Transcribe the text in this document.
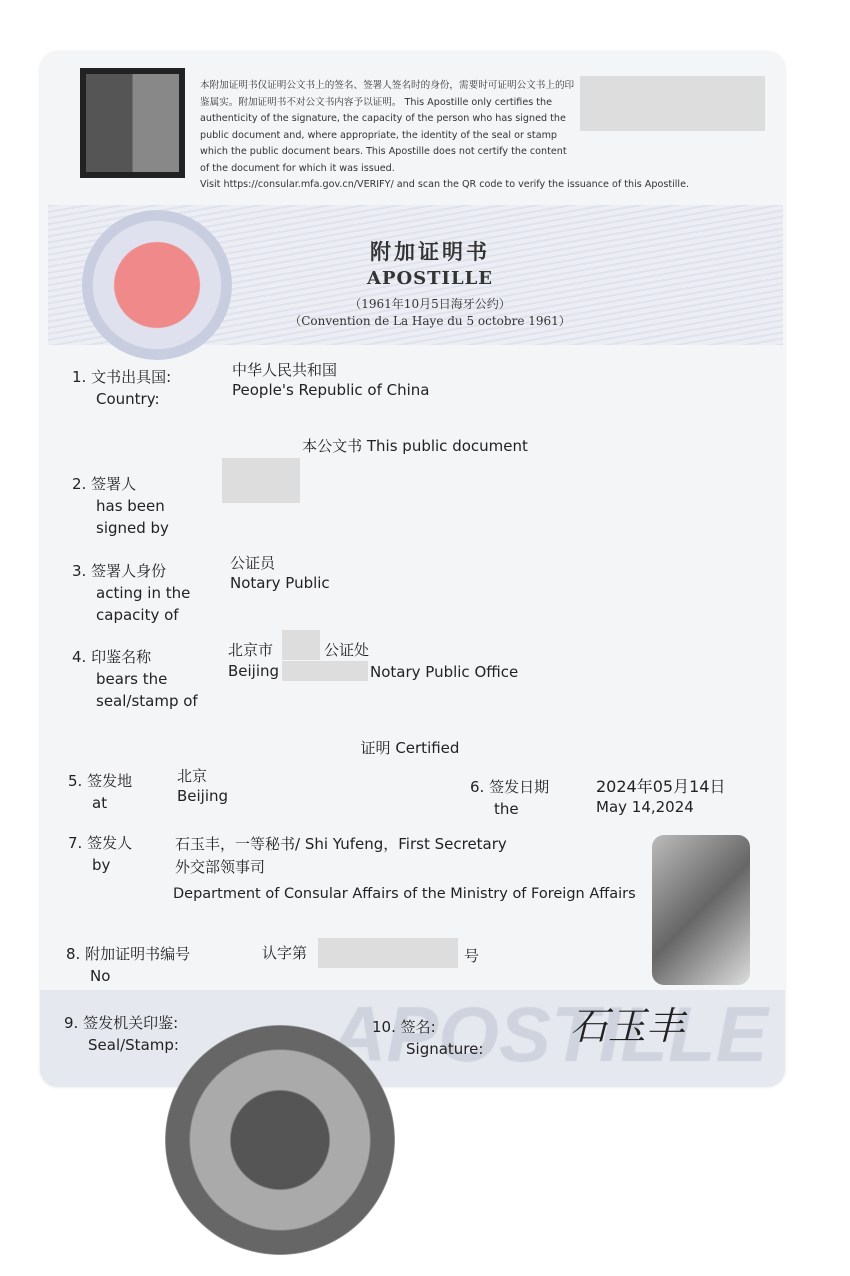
本附加证明书仅证明公文书上的签名、签署人签名时的身份，需要时可证明公文书上的印鉴属实。附加证明书不对公文书内容予以证明。 This Apostille only certifies the authenticity of the signature, the capacity of the person who has signed the public document and, where appropriate, the identity of the seal or stamp which the public document bears. This Apostille does not certify the content of the document for which it was issued.
Visit https://consular.mfa.gov.cn/VERIFY/ and scan the QR code to verify the issuance of this Apostille.
附加证明书
APOSTILLE
（1961年10月5日海牙公约）
（Convention de La Haye du 5 octobre 1961）
1. 文书出具国:
Country:
中华人民共和国
People's Republic of China
本公文书 This public document
2. 签署人
has been
signed by
3. 签署人身份
acting in the
capacity of
公证员
Notary Public
4. 印鉴名称
bears the
seal/stamp of
北京市	公证处
Beijing	Notary Public Office
证明 Certified
5. 签发地
at
北京
Beijing	6. 签发日期
the
2024年05月14日
May 14,2024
7. 签发人
by
石玉丰，一等秘书/ Shi Yufeng，First Secretary
外交部领事司
Department of Consular Affairs of the Ministry of Foreign Affairs
8. 附加证明书编号
No
认字第	号
9. 签发机关印鉴:
Seal/Stamp:
10. 签名:
Signature:
石玉丰
